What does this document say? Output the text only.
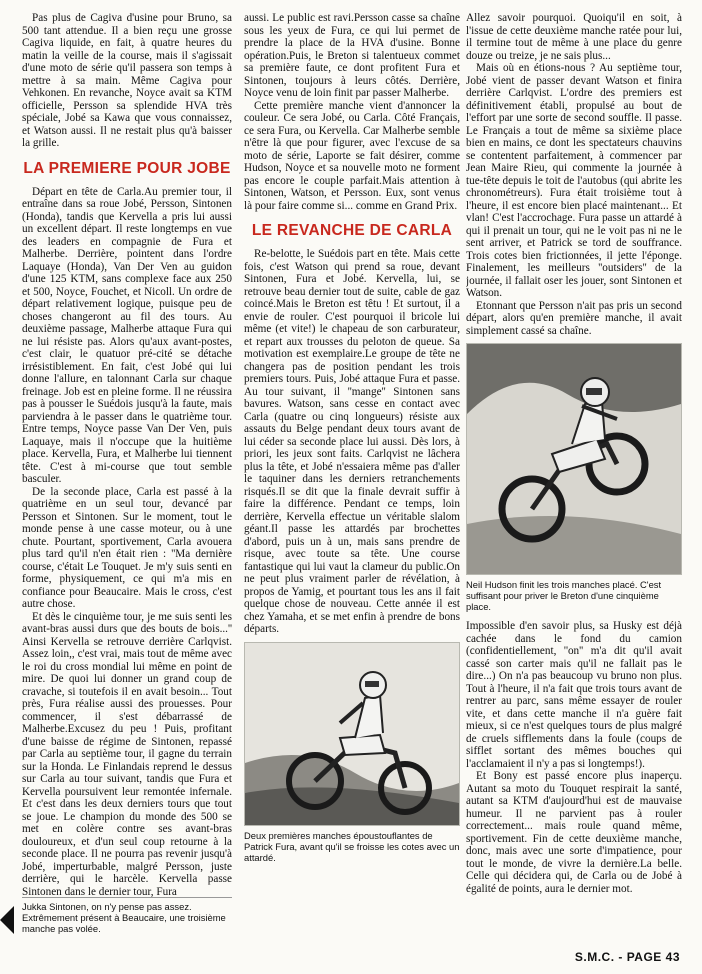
Pas plus de Cagiva d'usine pour Bruno, sa 500 tant attendue. Il a bien reçu une grosse Cagiva liquide, en fait, à quatre heures du matin la veille de la course, mais il s'agissait d'une moto de série qu'il passera son temps à mettre à sa main. Même Cagiva pour Vehkonen. En revanche, Noyce avait sa KTM officielle, Persson sa splendide HVA très spéciale, Jobé sa Kawa que vous connaissez, et Watson aussi. Il ne restait plus qu'à baisser la grille.

LA PREMIERE POUR JOBE

Départ en tête de Carla.Au premier tour, il entraîne dans sa roue Jobé, Persson, Sintonen (Honda), tandis que Kervella a pris lui aussi un excellent départ. Il reste longtemps en vue des leaders en compagnie de Fura et Malherbe. Derrière, pointent dans l'ordre Laquaye (Honda), Van Der Ven au guidon d'une 125 KTM, sans complexe face aux 250 et 500, Noyce, Fouchet, et Nicoll. Un ordre de départ relativement logique, puisque peu de choses changeront au fil des tours. Au deuxième passage, Malherbe attaque Fura qui ne lui résiste pas. Alors qu'aux avant-postes, c'est clair, le quatuor pré-cité se détache irrésistiblement. En fait, c'est Jobé qui lui donne l'allure, en talonnant Carla sur chaque freinage. Job est en pleine forme. Il ne réussira pas à pousser le Suédois jusqu'à la faute, mais parviendra à le passer dans le quatrième tour. Entre temps, Noyce passe Van Der Ven, puis Laquaye, mais il n'occupe que la huitième place. Kervella, Fura, et Malherbe lui tiennent tête. C'est à mi-course que tout semble basculer.

De la seconde place, Carla est passé à la quatrième en un seul tour, devancé par Persson et Sintonen. Sur le moment, tout le monde pense à une casse moteur, ou à une chute. Pourtant, sportivement, Carla avouera plus tard qu'il n'en était rien : ''Ma dernière course, c'était Le Touquet. Je m'y suis senti en forme, physiquement, ce qui m'a mis en confiance pour Beaucaire. Mais le cross, c'est autre chose.

Et dès le cinquième tour, je me suis senti les avant-bras aussi durs que des bouts de bois...'' Ainsi Kervella se retrouve derrière Carlqvist. Assez loin,, c'est vrai, mais tout de même avec le roi du cross mondial lui même en point de mire. De quoi lui donner un grand coup de cravache, si toutefois il en avait besoin... Tout près, Fura réalise aussi des prouesses. Pour commencer, il s'est débarrassé de Malherbe.Excusez du peu ! Puis, profitant d'une baisse de régime de Sintonen, repassé par Carla au septième tour, il gagne du terrain sur la Honda. Le Finlandais reprend le dessus sur Carla au tour suivant, tandis que Fura et Kervella poursuivent leur remontée infernale. Et c'est dans les deux derniers tours que tout se joue. Le champion du monde des 500 se met en colère contre ses avant-bras douloureux, et d'un seul coup retourne à la seconde place. Il ne pourra pas revenir jusqu'à Jobé, imperturbable, malgré Persson, juste derrière, qui le harcèle. Kervella passe Sintonen dans le dernier tour, Fura

Jukka Sintonen, on n'y pense pas assez. Extrêmement présent à Beaucaire, une troisième manche pas volée.

aussi. Le public est ravi.Persson casse sa chaîne sous les yeux de Fura, ce qui lui permet de prendre la place de la HVA d'usine. Bonne opération.Puis, le Breton si talentueux commet sa première faute, ce dont profitent Fura et Sintonen, toujours à leurs côtés. Derrière, Noyce venu de loin finit par passer Malherbe.

Cette première manche vient d'annoncer la couleur. Ce sera Jobé, ou Carla. Côté Français, ce sera Fura, ou Kervella. Car Malherbe semble n'être là que pour figurer, avec l'excuse de sa moto de série, Laporte se fait désirer, comme Hudson, Noyce et sa nouvelle moto ne forment pas encore le couple parfait.Mais attention à Sintonen, Watson, et Persson. Eux, sont venus là pour faire comme si... comme en Grand Prix.

LE REVANCHE DE CARLA

Re-belotte, le Suédois part en tête. Mais cette fois, c'est Watson qui prend sa roue, devant Sintonen, Fura et Jobé. Kervella, lui, se retrouve beau dernier tout de suite, cable de gaz coincé.Mais le Breton est têtu ! Et surtout, il a envie de rouler. C'est pourquoi il bricole lui même (et vite!) le chapeau de son carburateur, et repart aux trousses du peloton de queue. Sa motivation est exemplaire.Le groupe de tête ne changera pas de position pendant les trois premiers tours. Puis, Jobé attaque Fura et passe. Au tour suivant, il ''mange'' Sintonen sans bavures. Watson, sans cesse en contact avec Carla (quatre ou cinq longueurs) résiste aux assauts du Belge pendant deux tours avant de lui céder sa seconde place lui aussi. Dès lors, à priori, les jeux sont faits. Carlqvist ne lâchera plus la tête, et Jobé n'essaiera même pas d'aller le taquiner dans les derniers retranchements risqués.Il se dit que la finale devrait suffir à faire la différence. Pendant ce temps, loin derrière, Kervella effectue un véritable slalom géant.Il passe les attardés par brochettes d'abord, puis un à un, mais sans prendre de risque, avec toute sa tête. Une course fantastique qui lui vaut la clameur du public.On ne peut plus vraiment parler de révélation, à propos de Yamig, et pourtant tous les ans il fait quelque chose de nouveau. Cette année il est chez Yamaha, et se met enfin à prendre de bons départs.

Deux premières manches époustouflantes de Patrick Fura, avant qu'il se froisse les cotes avec un attardé.

Allez savoir pourquoi. Quoiqu'il en soit, à l'issue de cette deuxième manche ratée pour lui, il termine tout de même à une place du genre douze ou treize, je ne sais plus...

Mais où en étions-nous ? Au septième tour, Jobé vient de passer devant Watson et finira derrière Carlqvist. L'ordre des premiers est définitivement établi, propulsé au bout de l'effort par une sorte de second souffle. Il passe. Le Français a tout de même sa sixième place bien en mains, ce dont les spectateurs chauvins se contentent parfaitement, à commencer par Jean Maire Rieu, qui commente la journée à tue-tête depuis le toit de l'autobus (qui abrite les chronométreurs). Fura était troisième tout à l'heure, il est encore bien placé maintenant... Et vlan! C'est l'accrochage. Fura passe un attardé à qui il prenait un tour, qui ne le voit pas ni ne le sent arriver, et Patrick se tord de souffrance. Trois cotes bien frictionnées, il jette l'éponge. Finalement, les meilleurs ''outsiders'' de la journée, il fallait oser les jouer, sont Sintonen et Watson.

Etonnant que Persson n'ait pas pris un second départ, alors qu'en première manche, il avait simplement cassé sa chaîne.

Neil Hudson finit les trois manches placé. C'est suffisant pour priver le Breton d'une cinquième place.

Impossible d'en savoir plus, sa Husky est déjà cachée dans le fond du camion (confidentiellement, ''on'' m'a dit qu'il avait cassé son carter mais qu'il ne fallait pas le dire...) On n'a pas beaucoup vu bruno non plus. Tout à l'heure, il n'a fait que trois tours avant de rentrer au parc, sans même essayer de rouler vite, et dans cette manche il n'a guère fait mieux, si ce n'est quelques tours de plus malgré de cruels sifflements dans la foule (coups de sifflet sortant des mêmes bouches qui l'acclamaient il n'y a pas si longtemps!).

Et Bony est passé encore plus inaperçu. Autant sa moto du Touquet respirait la santé, autant sa KTM d'aujourd'hui est de mauvaise humeur. Il ne parvient pas à rouler correctement... mais roule quand même, sportivement. Fin de cette deuxième manche, donc, mais avec une sorte d'impatience, pour tout le monde, de vivre la dernière.La belle. Celle qui décidera qui, de Carla ou de Jobé à égalité de points, aura le dernier mot.

S.M.C. - PAGE 43
